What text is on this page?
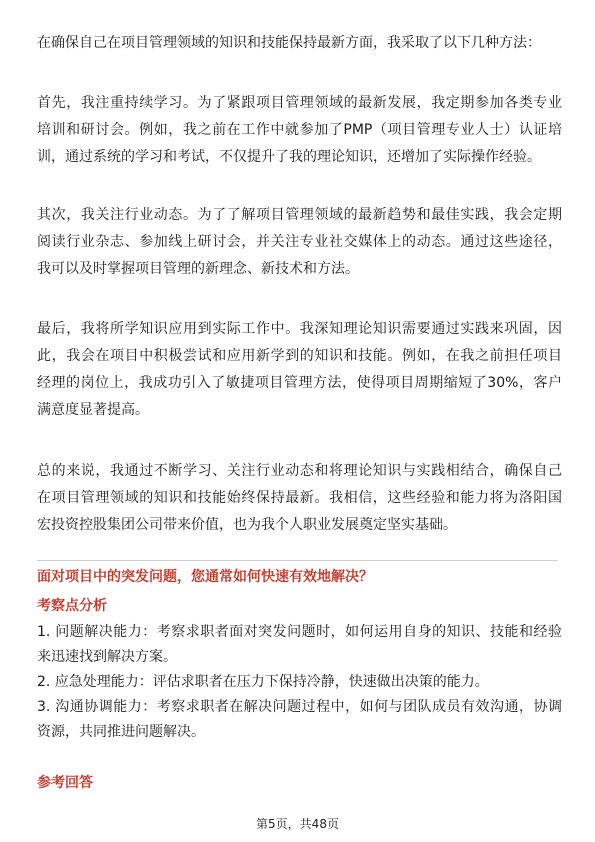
在确保自己在项目管理领域的知识和技能保持最新方面，我采取了以下几种方法：
首先，我注重持续学习。为了紧跟项目管理领域的最新发展，我定期参加各类专业
培训和研讨会。例如，我之前在工作中就参加了PMP（项目管理专业人士）认证培
训，通过系统的学习和考试，不仅提升了我的理论知识，还增加了实际操作经验。
其次，我关注行业动态。为了了解项目管理领域的最新趋势和最佳实践，我会定期
阅读行业杂志、参加线上研讨会，并关注专业社交媒体上的动态。通过这些途径，
我可以及时掌握项目管理的新理念、新技术和方法。
最后，我将所学知识应用到实际工作中。我深知理论知识需要通过实践来巩固，因
此，我会在项目中积极尝试和应用新学到的知识和技能。例如，在我之前担任项目
经理的岗位上，我成功引入了敏捷项目管理方法，使得项目周期缩短了30%，客户
满意度显著提高。
总的来说，我通过不断学习、关注行业动态和将理论知识与实践相结合，确保自己
在项目管理领域的知识和技能始终保持最新。我相信，这些经验和能力将为洛阳国
宏投资控股集团公司带来价值，也为我个人职业发展奠定坚实基础。
面对项目中的突发问题，您通常如何快速有效地解决？
考察点分析
1. 问题解决能力：考察求职者面对突发问题时，如何运用自身的知识、技能和经验
来迅速找到解决方案。
2. 应急处理能力：评估求职者在压力下保持冷静，快速做出决策的能力。
3. 沟通协调能力：考察求职者在解决问题过程中，如何与团队成员有效沟通，协调
资源，共同推进问题解决。
参考回答
第5页，共48页
